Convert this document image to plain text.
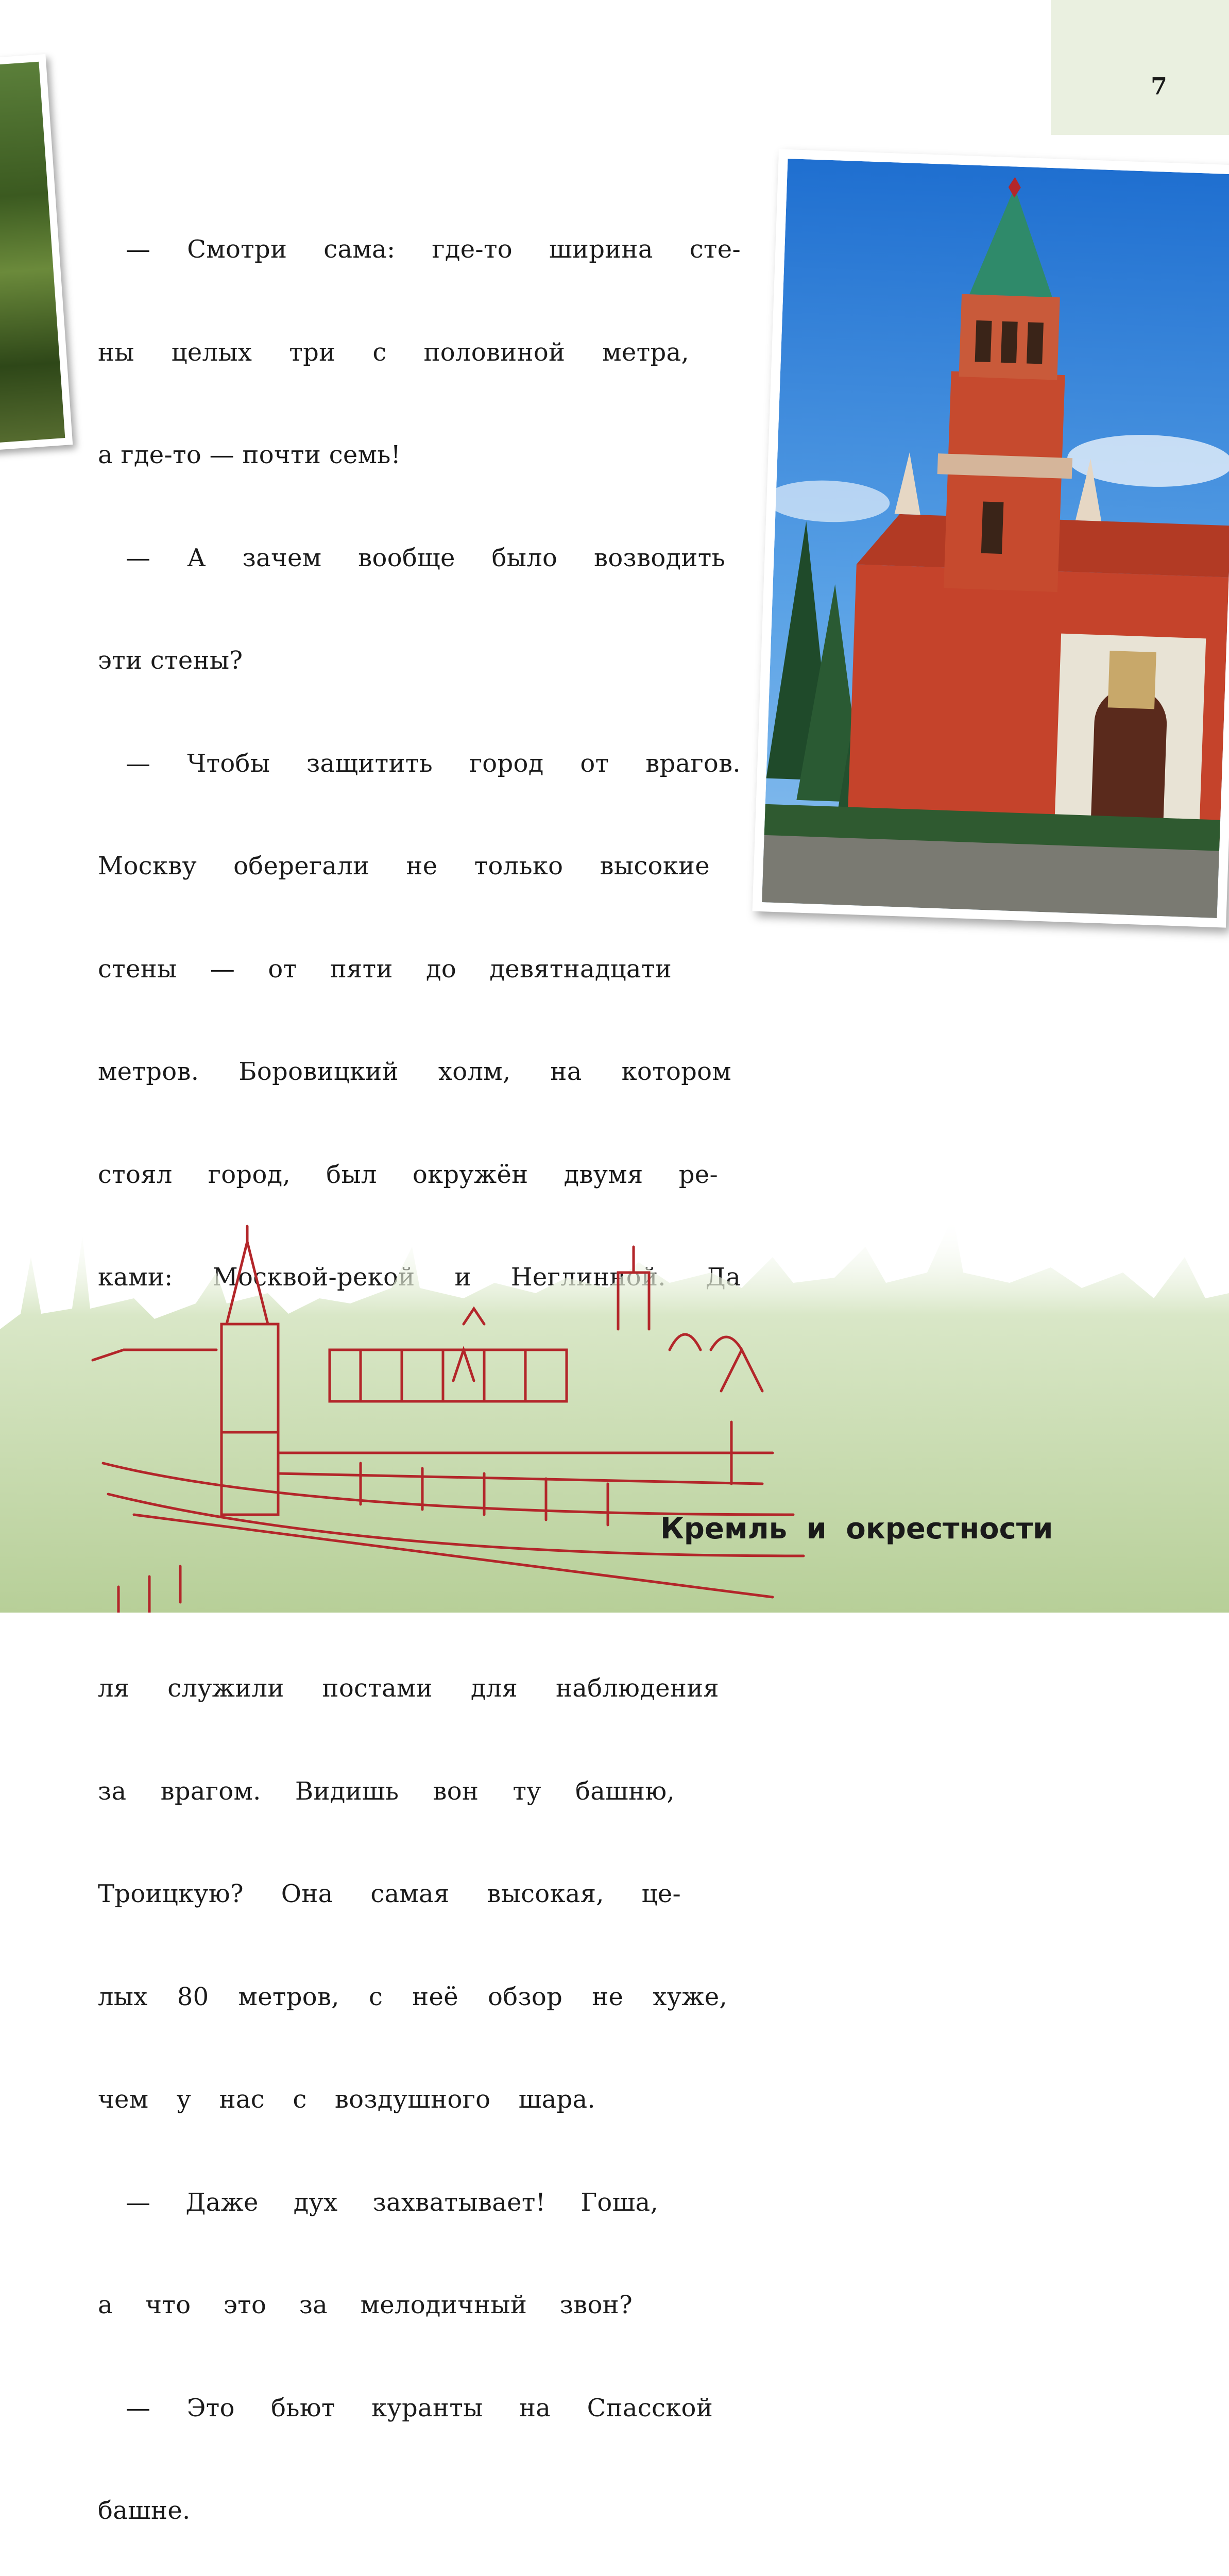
7

— Смотри сама: где-то ширина сте-

ны целых три с половиной метра,

а где-то — почти семь!

— А зачем вообще было возводить

эти стены?

— Чтобы защитить город от врагов.

Москву оберегали не только высокие

стены — от пяти до девятнадцати

метров. Боровицкий холм, на котором

стоял город, был окружён двумя ре-

ками: Москвой-рекой и Неглинной. Да

ля служили постами для наблюдения

за врагом. Видишь вон ту башню,

Троицкую? Она самая высокая, це-

лых 80 метров, с неё обзор не хуже,

чем у нас с воздушного шара.

— Даже дух захватывает! Гоша,

а что это за мелодичный звон?

— Это бьют куранты на Спасской

башне.

Кремль и окрестности
